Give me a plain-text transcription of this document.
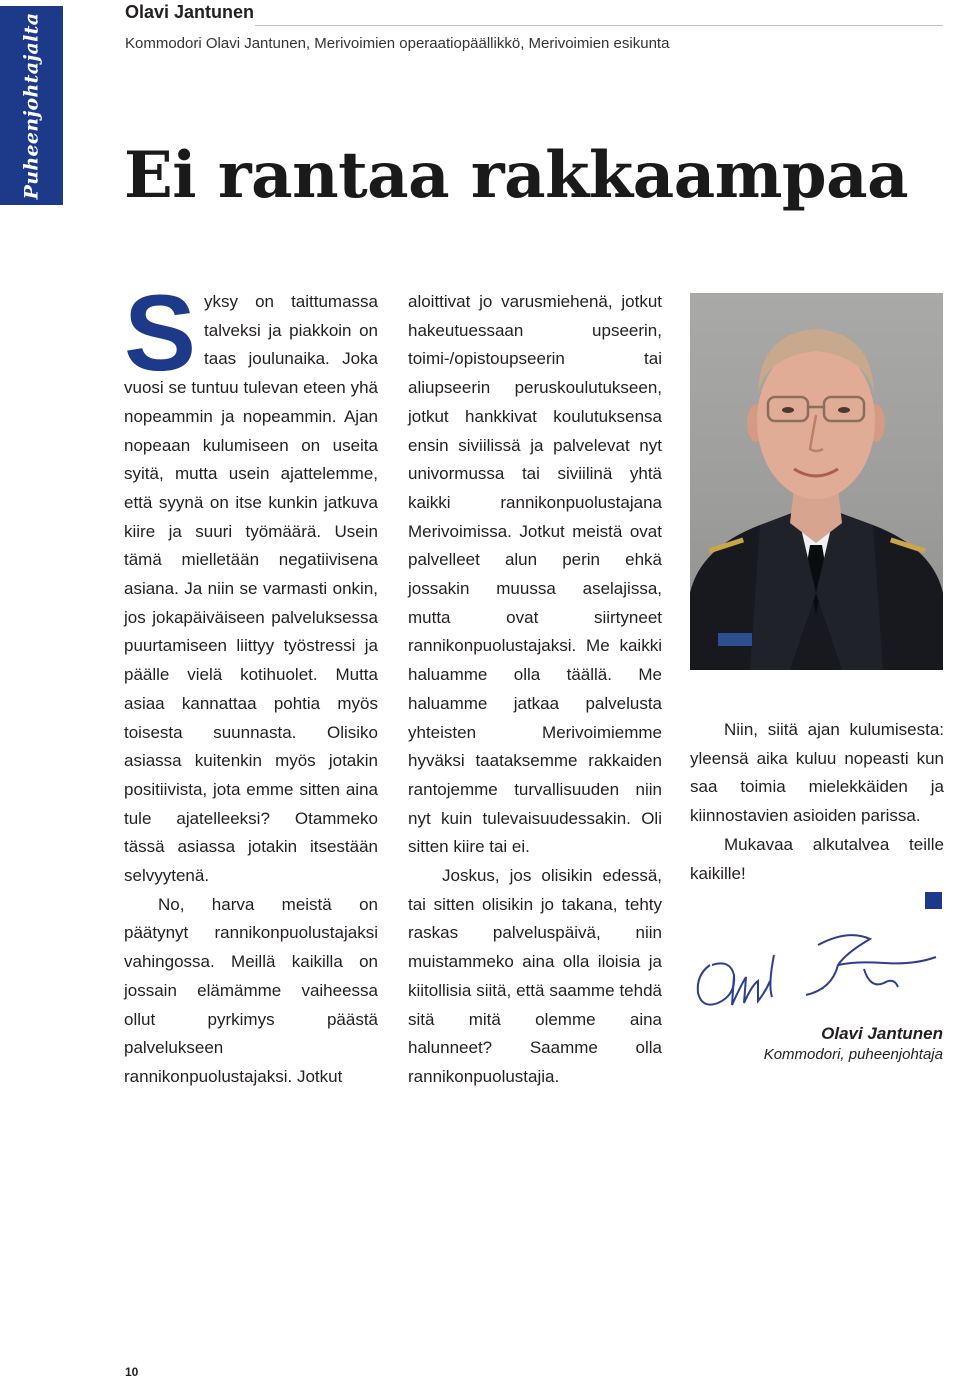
Puheenjohtajalta
Olavi Jantunen
Kommodori Olavi Jantunen, Merivoimien operaatiopäällikkö, Merivoimien esikunta
Ei rantaa rakkaampaa
S yksy on taittumassa talveksi ja piakkoin on taas joulunaika. Joka vuosi se tuntuu tulevan eteen yhä nopeammin ja nopeammin. Ajan nopeaan kulumiseen on useita syitä, mutta usein ajattelemme, että syynä on itse kunkin jatkuva kiire ja suuri työmäärä. Usein tämä mielletään negatiivisena asiana. Ja niin se varmasti onkin, jos jokapäiväiseen palveluksessa puurtamiseen liittyy työstressi ja päälle vielä kotihuolet. Mutta asiaa kannattaa pohtia myös toisesta suunnasta. Olisiko asiassa kuitenkin myös jotakin positiivista, jota emme sitten aina tule ajatelleeksi? Otammeko tässä asiassa jotakin itsestään selvyytenä.

No, harva meistä on päätynyt rannikonpuolustajaksi vahingossa. Meillä kaikilla on jossain elämämme vaiheessa ollut pyrkimys päästä palvelukseen rannikonpuolustajaksi. Jotkut

aloittivat jo varusmiehenä, jotkut hakeutuessaan upseerin, toimi-/opistoupseerin tai aliupseerin peruskoulutukseen, jotkut hankkivat koulutuksensa ensin siviilissä ja palvelevat nyt univormussa tai siviilinä yhtä kaikki rannikonpuolustajana Merivoimissa. Jotkut meistä ovat palvelleet alun perin ehkä jossakin muussa aselajissa, mutta ovat siirtyneet rannikonpuolustajaksi. Me kaikki haluamme olla täällä. Me haluamme jatkaa palvelusta yhteisten Merivoimiemme hyväksi taataksemme rakkaiden rantojemme turvallisuuden niin nyt kuin tulevaisuudessakin. Oli sitten kiire tai ei.

Joskus, jos olisikin edessä, tai sitten olisikin jo takana, tehty raskas palveluspäivä, niin muistammeko aina olla iloisia ja kiitollisia siitä, että saamme tehdä sitä mitä olemme aina halunneet? Saamme olla rannikonpuolustajia.

Niin, siitä ajan kulumisesta: yleensä aika kuluu nopeasti kun saa toimia mielekkäiden ja kiinnostavien asioiden parissa.

Mukavaa alkutalvea teille kaikille!

Olavi Jantunen
Kommodori, puheenjohtaja
10
